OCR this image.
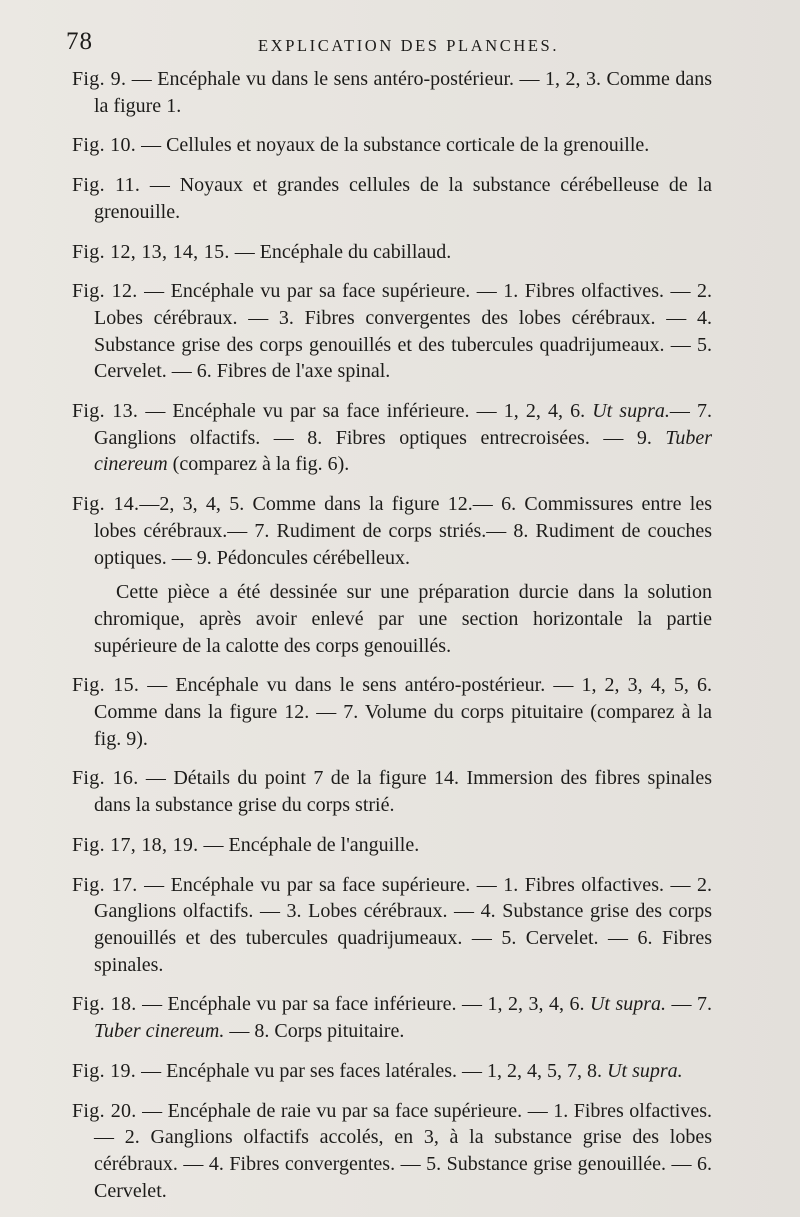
78	EXPLICATION DES PLANCHES.

Fig. 9. — Encéphale vu dans le sens antéro-postérieur. — 1, 2, 3. Comme dans la figure 1.

Fig. 10. — Cellules et noyaux de la substance corticale de la grenouille.

Fig. 11. — Noyaux et grandes cellules de la substance cérébelleuse de la grenouille.

Fig. 12, 13, 14, 15. — Encéphale du cabillaud.

Fig. 12. — Encéphale vu par sa face supérieure. — 1. Fibres olfactives. — 2. Lobes cérébraux. — 3. Fibres convergentes des lobes cérébraux. — 4. Substance grise des corps genouillés et des tubercules quadrijumeaux. — 5. Cervelet. — 6. Fibres de l'axe spinal.

Fig. 13. — Encéphale vu par sa face inférieure. — 1, 2, 4, 6. Ut supra.— 7. Ganglions olfactifs. — 8. Fibres optiques entrecroisées. — 9. Tuber cinereum (comparez à la fig. 6).

Fig. 14.—2, 3, 4, 5. Comme dans la figure 12.— 6. Commissures entre les lobes cérébraux.— 7. Rudiment de corps striés.— 8. Rudiment de couches optiques. — 9. Pédoncules cérébelleux.

Cette pièce a été dessinée sur une préparation durcie dans la solution chromique, après avoir enlevé par une section horizontale la partie supérieure de la calotte des corps genouillés.

Fig. 15. — Encéphale vu dans le sens antéro-postérieur. — 1, 2, 3, 4, 5, 6. Comme dans la figure 12. — 7. Volume du corps pituitaire (comparez à la fig. 9).

Fig. 16. — Détails du point 7 de la figure 14. Immersion des fibres spinales dans la substance grise du corps strié.

Fig. 17, 18, 19. — Encéphale de l'anguille.

Fig. 17. — Encéphale vu par sa face supérieure. — 1. Fibres olfactives. — 2. Ganglions olfactifs. — 3. Lobes cérébraux. — 4. Substance grise des corps genouillés et des tubercules quadrijumeaux. — 5. Cervelet. — 6. Fibres spinales.

Fig. 18. — Encéphale vu par sa face inférieure. — 1, 2, 3, 4, 6. Ut supra. — 7. Tuber cinereum. — 8. Corps pituitaire.

Fig. 19. — Encéphale vu par ses faces latérales. — 1, 2, 4, 5, 7, 8. Ut supra.

Fig. 20. — Encéphale de raie vu par sa face supérieure. — 1. Fibres olfactives. — 2. Ganglions olfactifs accolés, en 3, à la substance grise des lobes cérébraux. — 4. Fibres convergentes. — 5. Substance grise genouillée. — 6. Cervelet.
